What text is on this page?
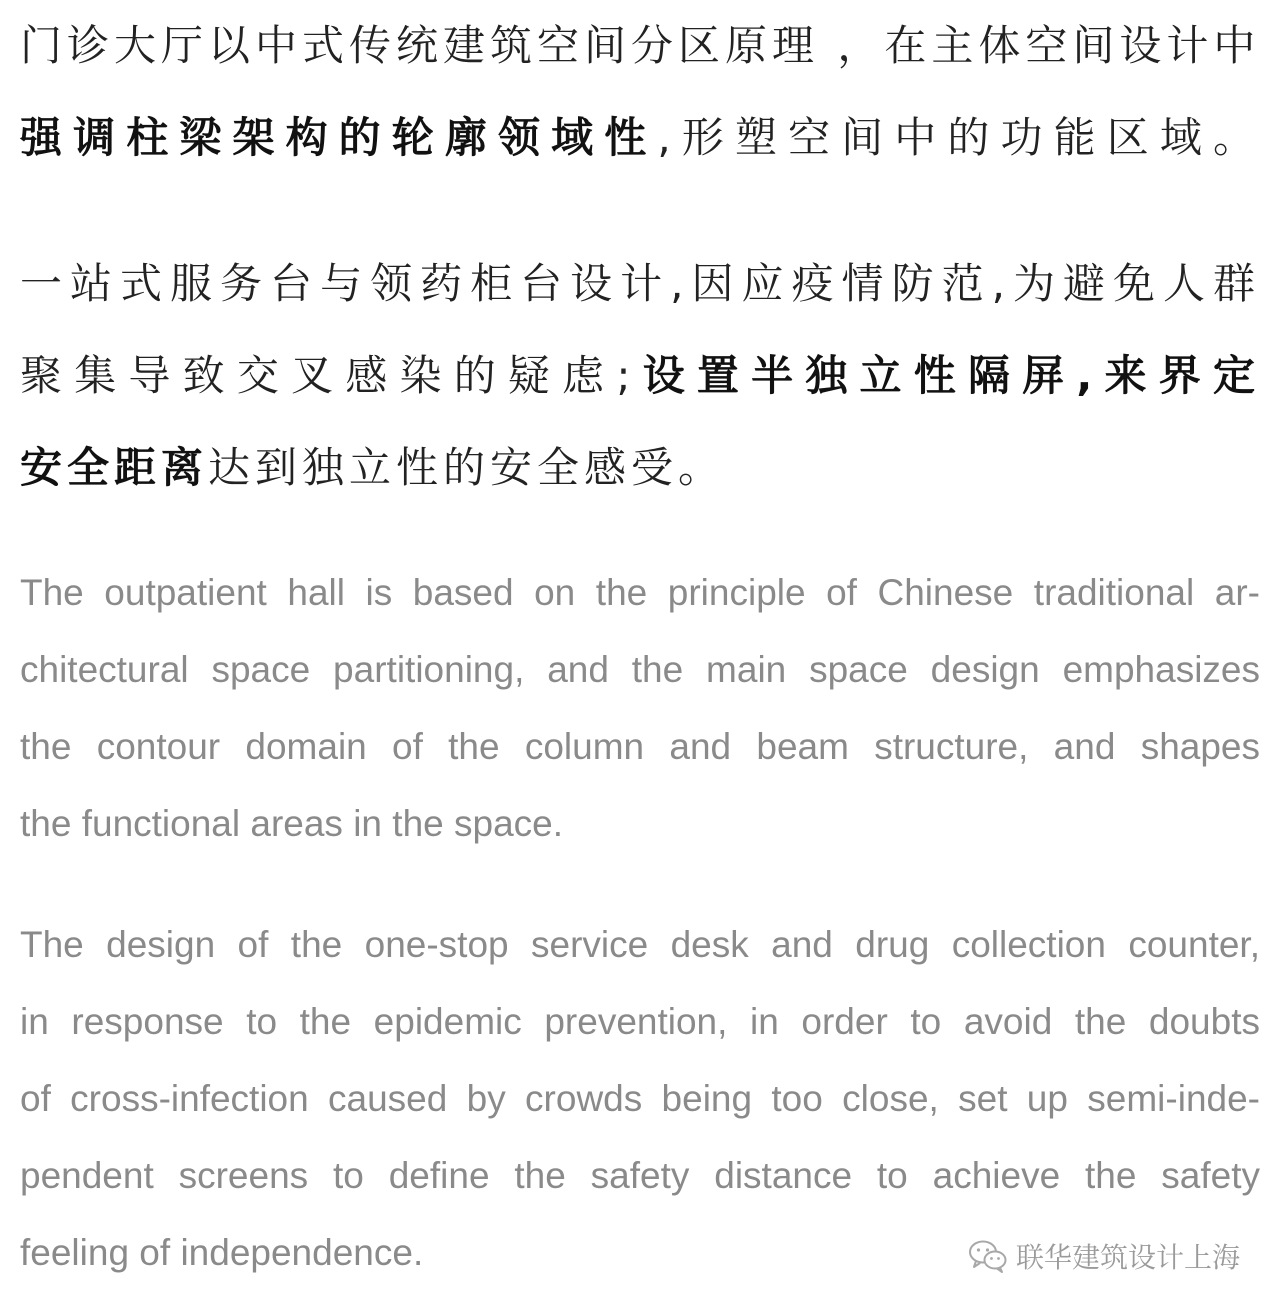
门诊大厅以中式传统建筑空间分区原理 ，在主体空间设计中
强调柱梁架构的轮廓领域性,形塑空间中的功能区域。
一站式服务台与领药柜台设计,因应疫情防范,为避免人群
聚集导致交叉感染的疑虑;设置半独立性隔屏,来界定
安全距离达到独立性的安全感受。
The outpatient hall is based on the principle of Chinese traditional ar-
chitectural space partitioning, and the main space design emphasizes
the contour domain of the column and beam structure, and shapes
the functional areas in the space.
The design of the one-stop service desk and drug collection counter,
in response to the epidemic prevention, in order to avoid the doubts
of cross-infection caused by crowds being too close, set up semi-inde-
pendent screens to define the safety distance to achieve the safety
feeling of independence.	联华建筑设计上海
